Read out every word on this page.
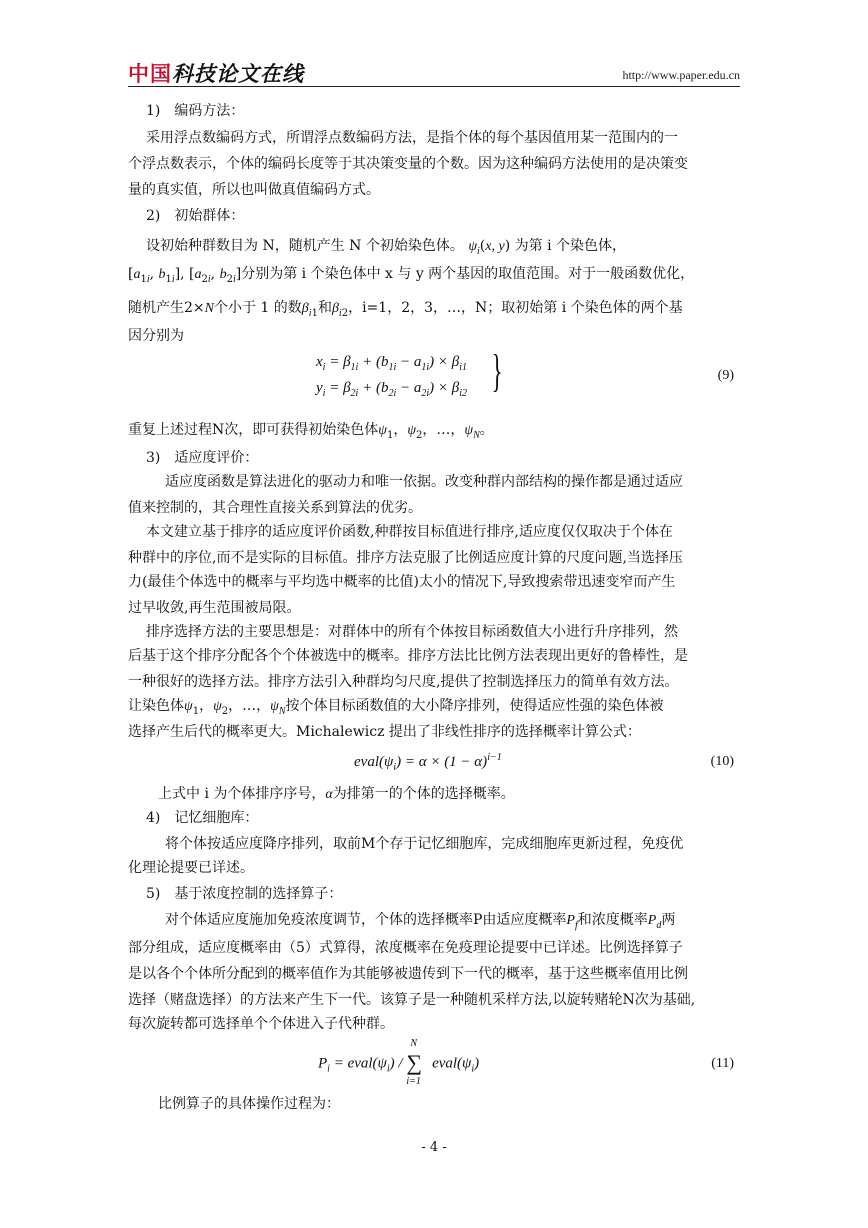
中国科技论文在线	http://www.paper.edu.cn
1)　编码方法：
采用浮点数编码方式，所谓浮点数编码方法，是指个体的每个基因值用某一范围内的一
个浮点数表示，个体的编码长度等于其决策变量的个数。因为这种编码方法使用的是决策变
量的真实值，所以也叫做真值编码方式。
2)　初始群体：
设初始种群数目为 N，随机产生 N 个初始染色体。 $\psi_i(x$, y) 为第 i 个染色体，
[$a_{1i}$, $b_{1i}$], [$a_{2i}$, $b_{2i}$]分别为第 i 个染色体中 x 与 y 两个基因的取值范围。对于一般函数优化，
随机产生2×N个小于 1 的数$\beta_{i1}$和$\beta_{i2}$，i=1，2，3，…，N；取初始第 i 个染色体的两个基
因分别为
$x_i = \beta_{1i} + (b_{1i} - a_{1i}) \times \beta_{i1}$
$y_i = \beta_{2i} + (b_{2i} - a_{2i}) \times \beta_{i2}$ }	(9)
重复上述过程N次，即可获得初始染色体$\psi_1$，$\psi_2$，…，$\psi_N$。
3)　适应度评价：
适应度函数是算法进化的驱动力和唯一依据。改变种群内部结构的操作都是通过适应
值来控制的，其合理性直接关系到算法的优劣。
本文建立基于排序的适应度评价函数,种群按目标值进行排序,适应度仅仅取决于个体在
种群中的序位,而不是实际的目标值。排序方法克服了比例适应度计算的尺度问题,当选择压
力(最佳个体选中的概率与平均选中概率的比值)太小的情况下,导致搜索带迅速变窄而产生
过早收敛,再生范围被局限。
排序选择方法的主要思想是：对群体中的所有个体按目标函数值大小进行升序排列，然
后基于这个排序分配各个个体被选中的概率。排序方法比比例方法表现出更好的鲁棒性，是
一种很好的选择方法。排序方法引入种群均匀尺度,提供了控制选择压力的简单有效方法。
让染色体$\psi_1$，$\psi_2$，…，$\psi_N$按个体目标函数值的大小降序排列，使得适应性强的染色体被
选择产生后代的概率更大。Michalewicz 提出了非线性排序的选择概率计算公式：
$eval(\psi_i) = \alpha \times (1 - \alpha)^{i-1}$	(10)
上式中 i 为个体排序序号，α为排第一的个体的选择概率。
4)　记忆细胞库：
将个体按适应度降序排列，取前M个存于记忆细胞库，完成细胞库更新过程，免疫优
化理论提要已详述。
5)　基于浓度控制的选择算子：
对个体适应度施加免疫浓度调节，个体的选择概率P由适应度概率$P_f$和浓度概率$P_d$两
部分组成，适应度概率由（5）式算得，浓度概率在免疫理论提要中已详述。比例选择算子
是以各个个体所分配到的概率值作为其能够被遗传到下一代的概率，基于这些概率值用比例
选择（赌盘选择）的方法来产生下一代。该算子是一种随机采样方法,以旋转赌轮N次为基础,
每次旋转都可选择单个个体进入子代种群。
$P_i$ = $eval(\psi_i)$ /
N
∑
i=1
$eval(\psi_i)$	(11)
比例算子的具体操作过程为：
- 4 -
